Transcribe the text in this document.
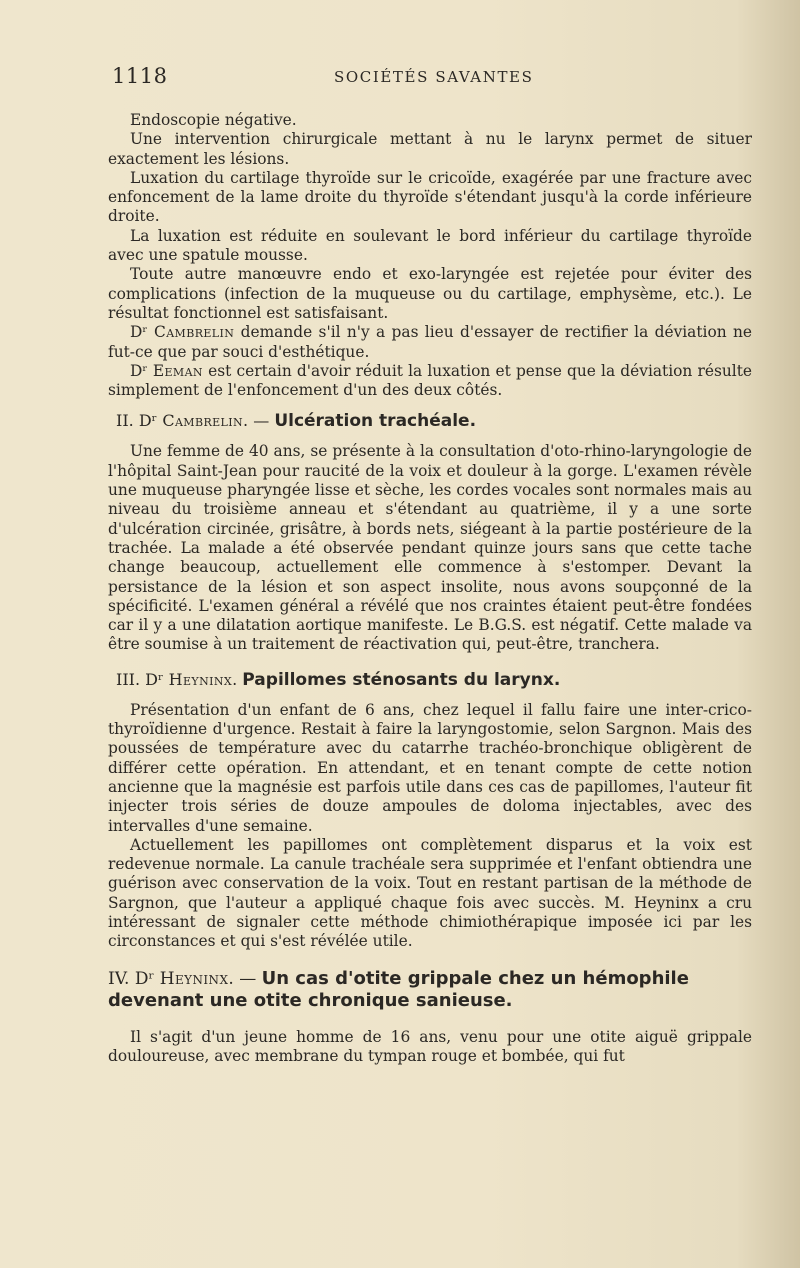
1118	SOCIÉTÉS SAVANTES

Endoscopie négative.

Une intervention chirurgicale mettant à nu le larynx permet de situer exactement les lésions.

Luxation du cartilage thyroïde sur le cricoïde, exagérée par une fracture avec enfoncement de la lame droite du thyroïde s'étendant jusqu'à la corde inférieure droite.

La luxation est réduite en soulevant le bord inférieur du cartilage thyroïde avec une spatule mousse.

Toute autre manœuvre endo et exo-laryngée est rejetée pour éviter des complications (infection de la muqueuse ou du cartilage, emphysème, etc.). Le résultat fonctionnel est satisfaisant.

Dʳ Cambrelin demande s'il n'y a pas lieu d'essayer de rectifier la déviation ne fut-ce que par souci d'esthétique.

Dʳ Eeman est certain d'avoir réduit la luxation et pense que la déviation résulte simplement de l'enfoncement d'un des deux côtés.

II. Dʳ Cambrelin. — Ulcération trachéale.

Une femme de 40 ans, se présente à la consultation d'oto-rhino-laryngologie de l'hôpital Saint-Jean pour raucité de la voix et douleur à la gorge. L'examen révèle une muqueuse pharyngée lisse et sèche, les cordes vocales sont normales mais au niveau du troisième anneau et s'étendant au quatrième, il y a une sorte d'ulcération circinée, grisâtre, à bords nets, siégeant à la partie postérieure de la trachée. La malade a été observée pendant quinze jours sans que cette tache change beaucoup, actuellement elle commence à s'estomper. Devant la persistance de la lésion et son aspect insolite, nous avons soupçonné de la spécificité. L'examen général a révélé que nos craintes étaient peut-être fondées car il y a une dilatation aortique manifeste. Le B.G.S. est négatif. Cette malade va être soumise à un traitement de réactivation qui, peut-être, tranchera.

III. Dʳ Heyninx. Papillomes sténosants du larynx.

Présentation d'un enfant de 6 ans, chez lequel il fallu faire une inter-crico-thyroïdienne d'urgence. Restait à faire la laryngostomie, selon Sargnon. Mais des poussées de température avec du catarrhe trachéo-bronchique obligèrent de différer cette opération. En attendant, et en tenant compte de cette notion ancienne que la magnésie est parfois utile dans ces cas de papillomes, l'auteur fit injecter trois séries de douze ampoules de doloma injectables, avec des intervalles d'une semaine.

Actuellement les papillomes ont complètement disparus et la voix est redevenue normale. La canule trachéale sera supprimée et l'enfant obtiendra une guérison avec conservation de la voix. Tout en restant partisan de la méthode de Sargnon, que l'auteur a appliqué chaque fois avec succès. M. Heyninx a cru intéressant de signaler cette méthode chimiothérapique imposée ici par les circonstances et qui s'est révélée utile.

IV. Dʳ Heyninx. — Un cas d'otite grippale chez un hémophile devenant une otite chronique sanieuse.

Il s'agit d'un jeune homme de 16 ans, venu pour une otite aiguë grippale douloureuse, avec membrane du tympan rouge et bombée, qui fut
